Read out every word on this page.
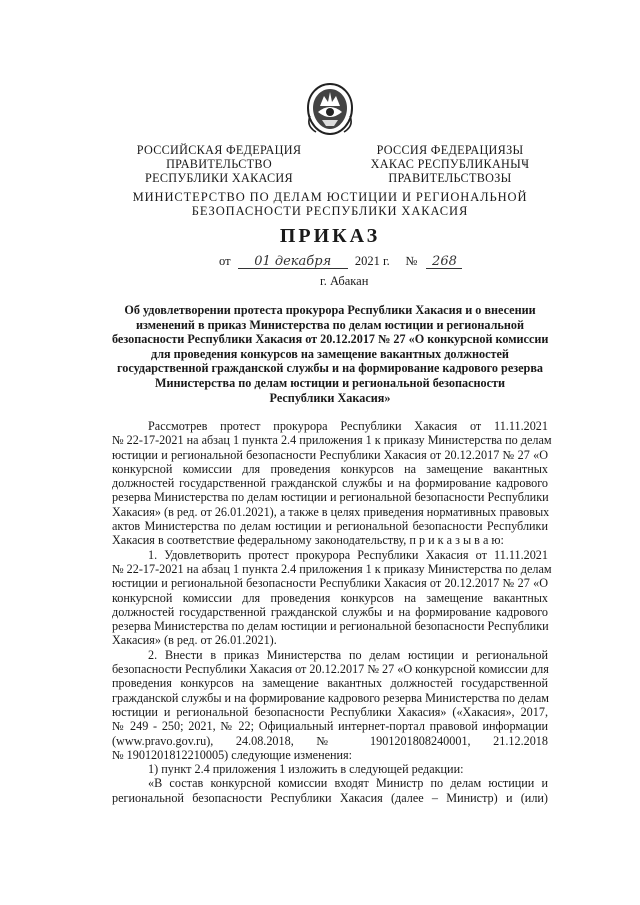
РОССИЙСКАЯ ФЕДЕРАЦИЯ
ПРАВИТЕЛЬСТВО
РЕСПУБЛИКИ ХАКАСИЯ
РОССИЯ ФЕДЕРАЦИЯЗЫ
ХАКАС РЕСПУБЛИКАНЫҸ
ПРАВИТЕЛЬСТВОЗЫ
МИНИСТЕРСТВО ПО ДЕЛАМ ЮСТИЦИИ И РЕГИОНАЛЬНОЙ
БЕЗОПАСНОСТИ РЕСПУБЛИКИ ХАКАСИЯ
ПРИКАЗ
от 01 декабря 2021 г. № 268
г. Абакан
Об удовлетворении протеста прокурора Республики Хакасия и о внесении
изменений в приказ Министерства по делам юстиции и региональной
безопасности Республики Хакасия от 20.12.2017 № 27 «О конкурсной комиссии
для проведения конкурсов на замещение вакантных должностей
государственной гражданской службы и на формирование кадрового резерва
Министерства по делам юстиции и региональной безопасности
Республики Хакасия»
Рассмотрев протест прокурора Республики Хакасия от 11.11.2021
№ 22-17-2021 на абзац 1 пункта 2.4 приложения 1 к приказу Министерства по делам
юстиции и региональной безопасности Республики Хакасия от 20.12.2017 № 27 «О
конкурсной комиссии для проведения конкурсов на замещение вакантных
должностей государственной гражданской службы и на формирование кадрового
резерва Министерства по делам юстиции и региональной безопасности Республики
Хакасия» (в ред. от 26.01.2021), а также в целях приведения нормативных правовых
актов Министерства по делам юстиции и региональной безопасности Республики
Хакасия в соответствие федеральному законодательству, п р и к а з ы в а ю:
1. Удовлетворить протест прокурора Республики Хакасия от 11.11.2021
№ 22-17-2021 на абзац 1 пункта 2.4 приложения 1 к приказу Министерства по делам
юстиции и региональной безопасности Республики Хакасия от 20.12.2017 № 27 «О
конкурсной комиссии для проведения конкурсов на замещение вакантных
должностей государственной гражданской службы и на формирование кадрового
резерва Министерства по делам юстиции и региональной безопасности Республики
Хакасия» (в ред. от 26.01.2021).
2. Внести в приказ Министерства по делам юстиции и региональной
безопасности Республики Хакасия от 20.12.2017 № 27 «О конкурсной комиссии для
проведения конкурсов на замещение вакантных должностей государственной
гражданской службы и на формирование кадрового резерва Министерства по делам
юстиции и региональной безопасности Республики Хакасия» («Хакасия», 2017,
№ 249 - 250; 2021, № 22; Официальный интернет-портал правовой информации
(www.pravo.gov.ru), 24.08.2018, № 1901201808240001, 21.12.2018
№ 1901201812210005) следующие изменения:
1) пункт 2.4 приложения 1 изложить в следующей редакции:
«В состав конкурсной комиссии входят Министр по делам юстиции и
региональной безопасности Республики Хакасия (далее – Министр) и (или)
